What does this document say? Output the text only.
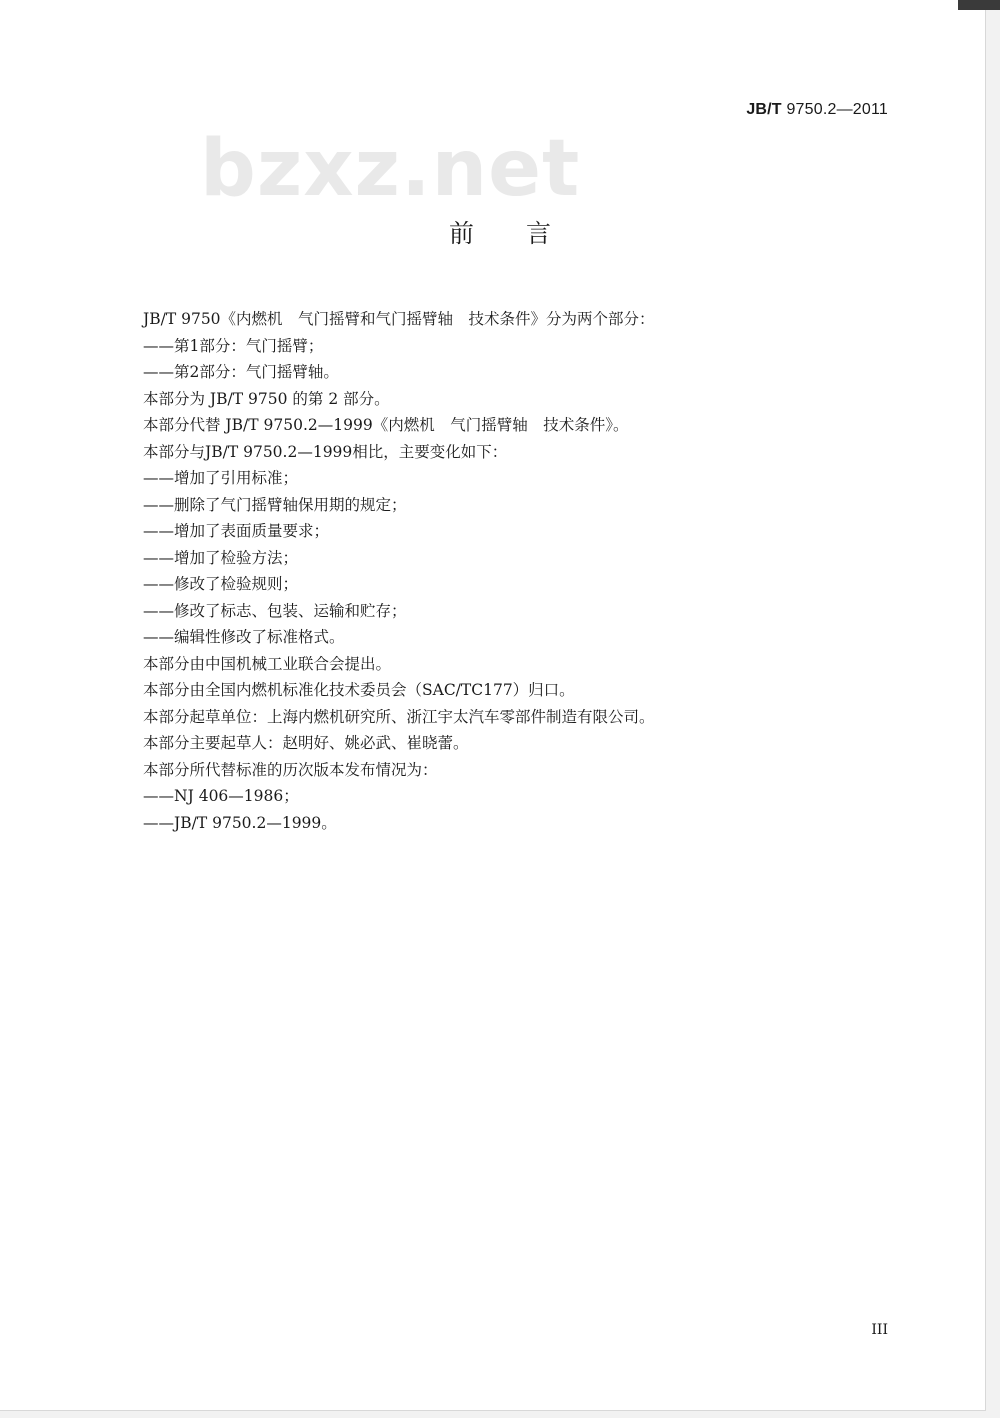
JB/T 9750.2—2011
bzxz.net
前言

JB/T 9750《内燃机　气门摇臂和气门摇臂轴　技术条件》分为两个部分：

——第1部分：气门摇臂；

——第2部分：气门摇臂轴。

本部分为 JB/T 9750 的第 2 部分。

本部分代替 JB/T 9750.2—1999《内燃机　气门摇臂轴　技术条件》。

本部分与JB/T 9750.2—1999相比，主要变化如下：

——增加了引用标准；

——删除了气门摇臂轴保用期的规定；

——增加了表面质量要求；

——增加了检验方法；

——修改了检验规则；

——修改了标志、包装、运输和贮存；

——编辑性修改了标准格式。

本部分由中国机械工业联合会提出。

本部分由全国内燃机标准化技术委员会（SAC/TC177）归口。

本部分起草单位：上海内燃机研究所、浙江宇太汽车零部件制造有限公司。

本部分主要起草人：赵明好、姚必武、崔晓蕾。

本部分所代替标准的历次版本发布情况为：

——NJ 406—1986；

——JB/T 9750.2—1999。

III
